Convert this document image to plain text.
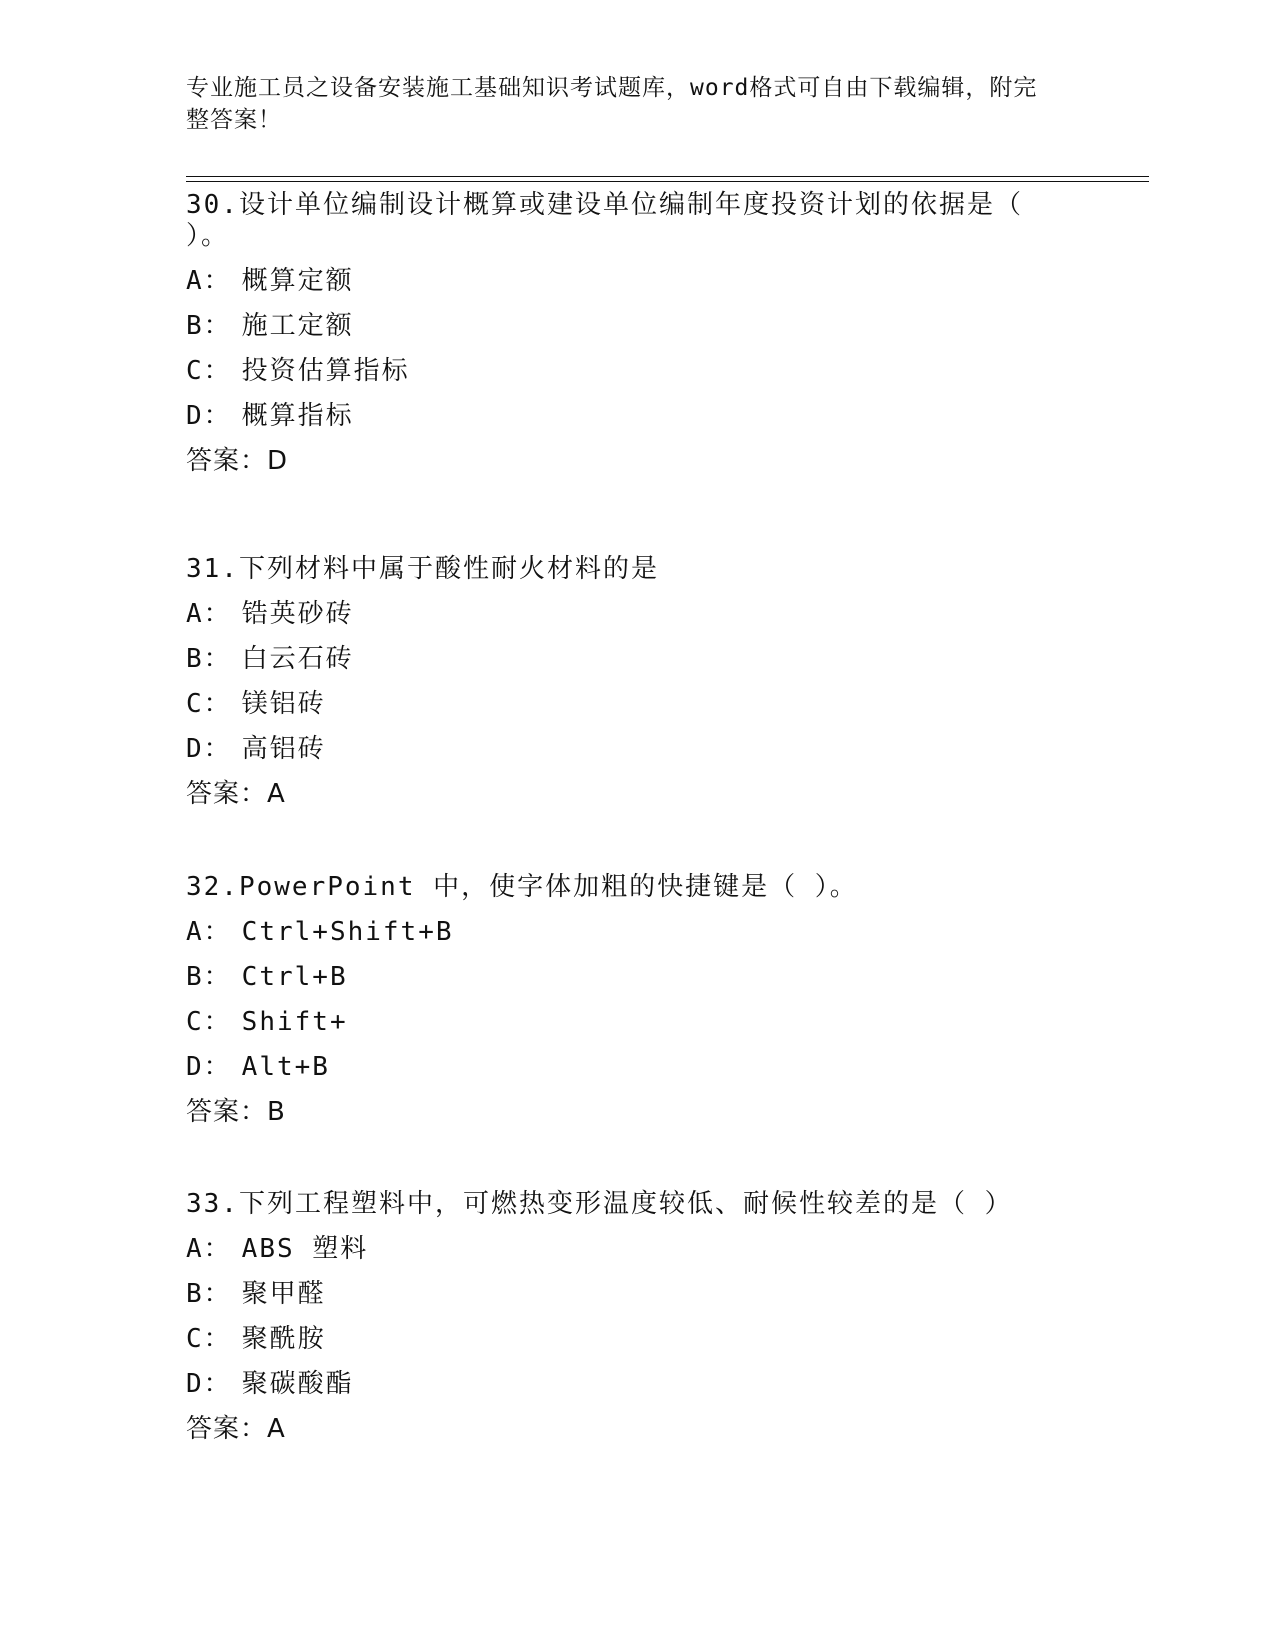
专业施工员之设备安装施工基础知识考试题库，word格式可自由下载编辑，附完
整答案！
30.设计单位编制设计概算或建设单位编制年度投资计划的依据是（
）。
A： 概算定额
B： 施工定额
C： 投资估算指标
D： 概算指标
答案：D
31.下列材料中属于酸性耐火材料的是
A： 锆英砂砖
B： 白云石砖
C： 镁铝砖
D： 高铝砖
答案：A
32.PowerPoint 中，使字体加粗的快捷键是（ ）。
A： Ctrl+Shift+B
B： Ctrl+B
C： Shift+
D： Alt+B
答案：B
33.下列工程塑料中，可燃热变形温度较低、耐候性较差的是（ ）
A： ABS 塑料
B： 聚甲醛
C： 聚酰胺
D： 聚碳酸酯
答案：A
